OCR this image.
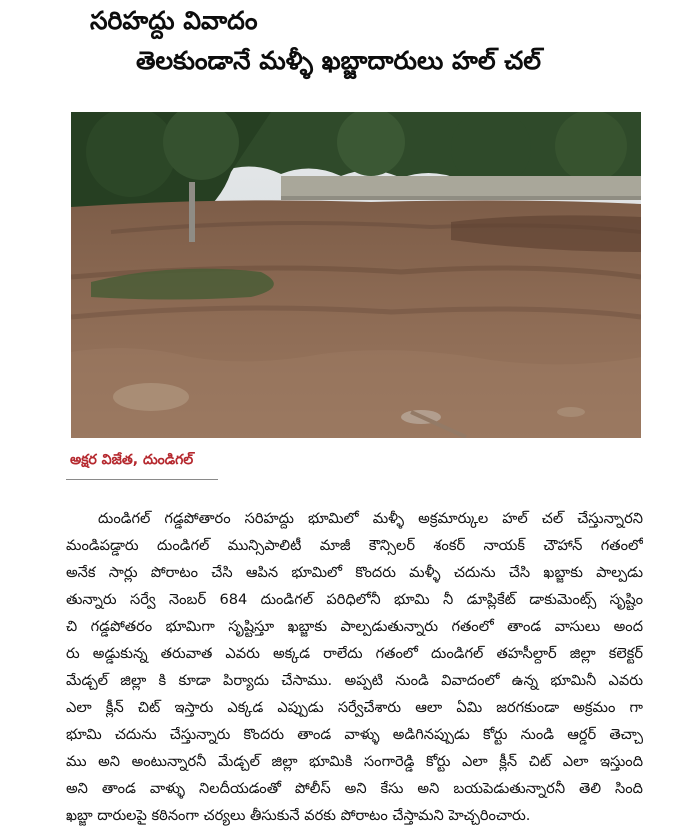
సరిహద్దు వివాదం
తెలకుండానే మళ్ళీ ఖబ్జాదారులు హల్ చల్
అక్షర విజేత, దుండిగల్
దుండిగల్ గడ్డపోతారం సరిహద్దు భూమిలో మళ్ళీ అక్రమార్కుల హల్ చల్ చేస్తున్నారని
మండిపడ్డారు దుండిగల్ మున్సిపాలిటీ మాజీ కౌన్సిలర్ శంకర్ నాయక్ చౌహాన్ గతంలో
అనేక సార్లు పోరాటం చేసి ఆపిన భూమిలో కొందరు మళ్ళీ చదును చేసి ఖబ్జాకు పాల్పడు
తున్నారు సర్వే నెంబర్ 684 దుండిగల్ పరిధిలోనీ భూమి నీ డూప్లికేట్ డాకుమెంట్స్ సృష్టిం
చి గడ్డపోతరం భూమిగా సృష్టిస్తూ ఖబ్జాకు పాల్పడుతున్నారు గతంలో తాండ వాసులు అంద
రు అడ్డుకున్న తరువాత ఎవరు అక్కడ రాలేదు గతంలో దుండిగల్ తహసీల్దార్ జిల్లా కలెక్టర్
మేడ్చల్ జిల్లా కి కూడా పిర్యాదు చేసాము. అప్పటి నుండి వివాదంలో ఉన్న భూమినీ ఎవరు
ఎలా క్లీన్ చిట్ ఇస్తారు ఎక్కడ ఎప్పుడు సర్వేచేశారు ఆలా ఏమి జరగకుండా అక్రమం గా
భూమి చదును చేస్తున్నారు కొందరు తాండ వాళ్ళు అడిగినప్పుడు కోర్టు నుండి ఆర్డర్ తెచ్చా
ము అని అంటున్నారనీ మేడ్చల్ జిల్లా భూమికి సంగారెడ్డి కోర్టు ఎలా క్లీన్ చిట్ ఎలా ఇస్తుంది
అని తాండ వాళ్ళు నిలదీయడంతో పోలీస్ అని కేసు అని బయపెడుతున్నారనీ తెలి సింది
ఖబ్జా దారులపై కఠినంగా చర్యలు తీసుకునే వరకు పోరాటం చేస్తామని హెచ్చరించారు.
